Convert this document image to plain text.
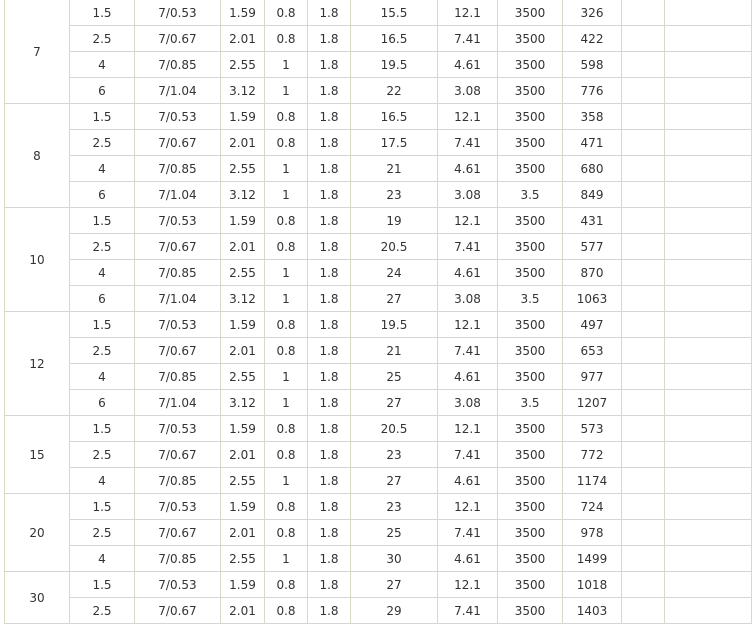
7	1.5	7/0.53	1.59	0.8	1.8	15.5	12.1	3500	326		
	2.5	7/0.67	2.01	0.8	1.8	16.5	7.41	3500	422		
	4	7/0.85	2.55	1	1.8	19.5	4.61	3500	598		
	6	7/1.04	3.12	1	1.8	22	3.08	3500	776		
8	1.5	7/0.53	1.59	0.8	1.8	16.5	12.1	3500	358		
	2.5	7/0.67	2.01	0.8	1.8	17.5	7.41	3500	471		
	4	7/0.85	2.55	1	1.8	21	4.61	3500	680		
	6	7/1.04	3.12	1	1.8	23	3.08	3.5	849		
10	1.5	7/0.53	1.59	0.8	1.8	19	12.1	3500	431		
	2.5	7/0.67	2.01	0.8	1.8	20.5	7.41	3500	577		
	4	7/0.85	2.55	1	1.8	24	4.61	3500	870		
	6	7/1.04	3.12	1	1.8	27	3.08	3.5	1063		
12	1.5	7/0.53	1.59	0.8	1.8	19.5	12.1	3500	497		
	2.5	7/0.67	2.01	0.8	1.8	21	7.41	3500	653		
	4	7/0.85	2.55	1	1.8	25	4.61	3500	977		
	6	7/1.04	3.12	1	1.8	27	3.08	3.5	1207		
15	1.5	7/0.53	1.59	0.8	1.8	20.5	12.1	3500	573		
	2.5	7/0.67	2.01	0.8	1.8	23	7.41	3500	772		
	4	7/0.85	2.55	1	1.8	27	4.61	3500	1174		
20	1.5	7/0.53	1.59	0.8	1.8	23	12.1	3500	724		
	2.5	7/0.67	2.01	0.8	1.8	25	7.41	3500	978		
	4	7/0.85	2.55	1	1.8	30	4.61	3500	1499		
30	1.5	7/0.53	1.59	0.8	1.8	27	12.1	3500	1018		
	2.5	7/0.67	2.01	0.8	1.8	29	7.41	3500	1403		
